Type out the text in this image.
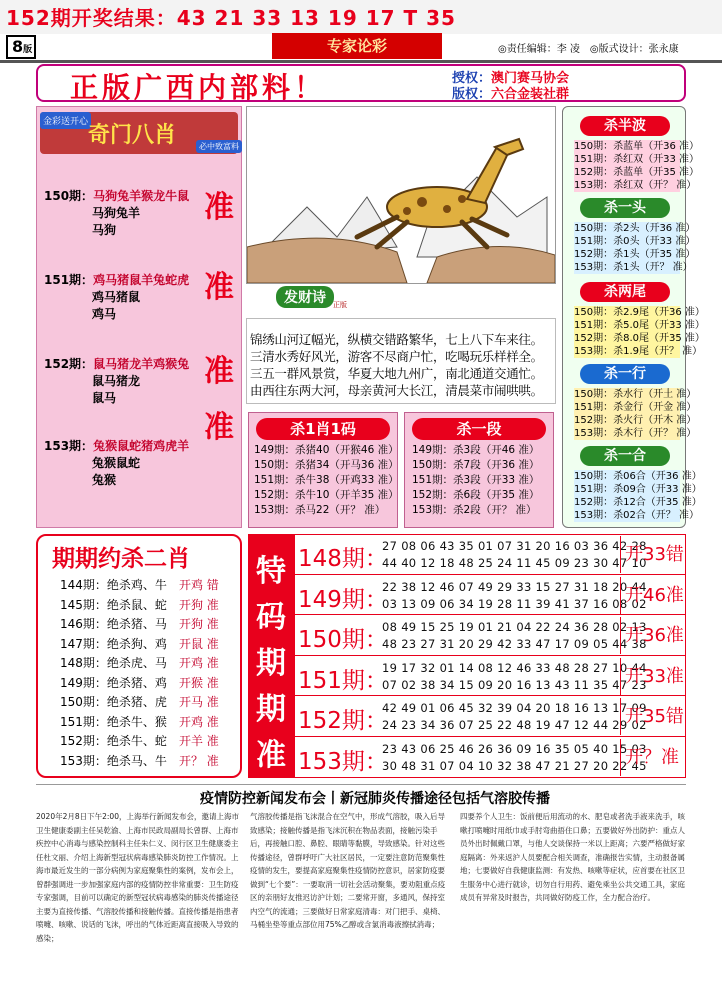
152期开奖结果：43 21 33 13 19 17 T 35
8版	专家论彩	◎责任编辑：李 凌　◎版式设计：张永康
正版广西内部料！	授权：澳门赛马协会
版权：六合金装社群
金彩送开心
奇门八肖	必中致富料
150期：马狗兔羊猴龙牛鼠
马狗兔羊
马狗
准
151期：鸡马猪鼠羊兔蛇虎
鸡马猪鼠
鸡马
准
152期：鼠马猪龙羊鸡猴兔
鼠马猪龙
鼠马
准
153期：兔猴鼠蛇猪鸡虎羊
兔猴鼠蛇
兔猴
准
发财诗	正版
锦绣山河辽幅光，纵横交错路繁华，七上八下车来往。
三清水秀好风光，游客不尽商户忙，吃喝玩乐样样全。
三五一群风景赏，华夏大地九州广，南北通道交通忙。
由西往东两大河，母亲黄河大长江，清晨菜市闹哄哄。
杀1肖1码
149期：杀猪40（开猴46 准）
150期：杀猪34（开马36 准）
151期：杀牛38（开鸡33 准）
152期：杀牛10（开羊35 准）
153期：杀马22（开？ 准）
杀一段
149期：杀3段（开46 准）
150期：杀7段（开36 准）
151期：杀3段（开33 准）
152期：杀6段（开35 准）
153期：杀2段（开？ 准）
杀半波
150期：杀蓝单（开36 准）
151期：杀红双（开33 准）
152期：杀蓝单（开35 准）
153期：杀红双（开？ 准）
杀一头
150期：杀2头（开36 准）
151期：杀0头（开33 准）
152期：杀1头（开35 准）
153期：杀1头（开？ 准）
杀两尾
150期：杀2.9尾（开36 准）
151期：杀5.0尾（开33 准）
152期：杀8.0尾（开35 准）
153期：杀1.9尾（开？ 准）
杀一行
150期：杀水行（开土 准）
151期：杀金行（开金 准）
152期：杀火行（开木 准）
153期：杀木行（开？ 准）
杀一合
150期：杀06合（开36 准）
151期：杀09合（开33 准）
152期：杀12合（开35 准）
153期：杀02合（开？ 准）
期期约杀二肖
144期：绝杀鸡、牛　 开鸡 错
145期：绝杀鼠、蛇　 开狗 准
146期：绝杀猪、马　 开狗 准
147期：绝杀狗、鸡　 开鼠 准
148期：绝杀虎、马　 开鸡 准
149期：绝杀猪、鸡　 开猴 准
150期：绝杀猪、虎　 开马 准
151期：绝杀牛、猴　 开鸡 准
152期：绝杀牛、蛇　 开羊 准
153期：绝杀马、牛　 开？ 准
特
码
期
期
准
148期：
27 08 06 43 35 01 07 31 20 16 03 36 42 28
44 40 12 18 48 25 24 11 45 09 23 30 47 10
开33错
149期：
22 38 12 46 07 49 29 33 15 27 31 18 20 44
03 13 09 06 34 19 28 11 39 41 37 16 08 02
开46准
150期：
08 49 15 25 19 01 21 04 22 24 36 28 02 13
48 23 27 31 20 29 42 33 47 17 09 05 44 38
开36准
151期：
19 17 32 01 14 08 12 46 33 48 28 27 10 44
07 02 38 34 15 09 20 16 13 43 11 35 47 23
开33准
152期：
42 49 01 06 45 32 39 04 20 18 16 13 17 09
24 23 34 36 07 25 22 48 19 47 12 44 29 02
开35错
153期：
23 43 06 25 46 26 36 09 16 35 05 40 15 03
30 48 31 07 04 10 32 38 47 21 27 20 22 45
开？准
疫情防控新闻发布会丨新冠肺炎传播途径包括气溶胶传播
2020年2月8日下午2:00，上海举行新闻发布会，邀请上海市卫生健康委副主任吴乾渝、上海市民政局副局长曾群、上海市疾控中心消毒与感染控制科主任朱仁义、闵行区卫生健康委主任杜文丽、介绍上海新型冠状病毒感染肺炎防控工作情况。上海市最近发生的一部分病例为家庭聚集性的案例，发布会上，曾群强调进一步加强家庭内部的疫情防控非常重要：卫生防疫专家强调，目前可以确定的新型冠状病毒感染的肺炎传播途径主要为直接传播、气溶胶传播和接触传播。直接传播是指患者喷嚏、咳嗽、说话的飞沫，呼出的气体近距离直接吸入导致的感染；
气溶胶传播是指飞沫混合在空气中，形成气溶胶，吸入后导致感染；接触传播是指飞沫沉积在物品表面，接触污染手后，再接触口腔、鼻腔、眼睛等黏膜，导致感染。针对这些传播途径，曾群呼吁广大社区居民，一定要注意防范聚集性疫情的发生，要提高家庭聚集性疫情防控意识，居家防疫要做到“七个要”：一要取消一切社会活动聚集，要劝阻重点疫区的亲朋好友推迟访沪计划；二要常开窗，多通风，保持室内空气的流通；三要做好日常家庭清毒：对门把手、桌椅、马桶坐垫等重点部位用75%乙醇或含氯消毒液擦拭消毒；
四要养个人卫生：饭前便后用流动的水、肥皂或者洗手液来洗手，咳嗽打喷嚏时用纸巾或手肘弯曲捂住口鼻；五要做好外出防护：重点人员外出时佩戴口罩，与他人交谈保持一米以上距离；六要严格做好家庭隔离：外来返沪人员要配合相关调查，准确报告实情，主动报备属地；七要做好自我健康监测：有发热、咳嗽等症状，应首要在社区卫生服务中心进行就诊，切勿自行用药、避免乘坐公共交通工具，家庭成员有异常及时报告，共同做好防疫工作，全力配合治疗。
